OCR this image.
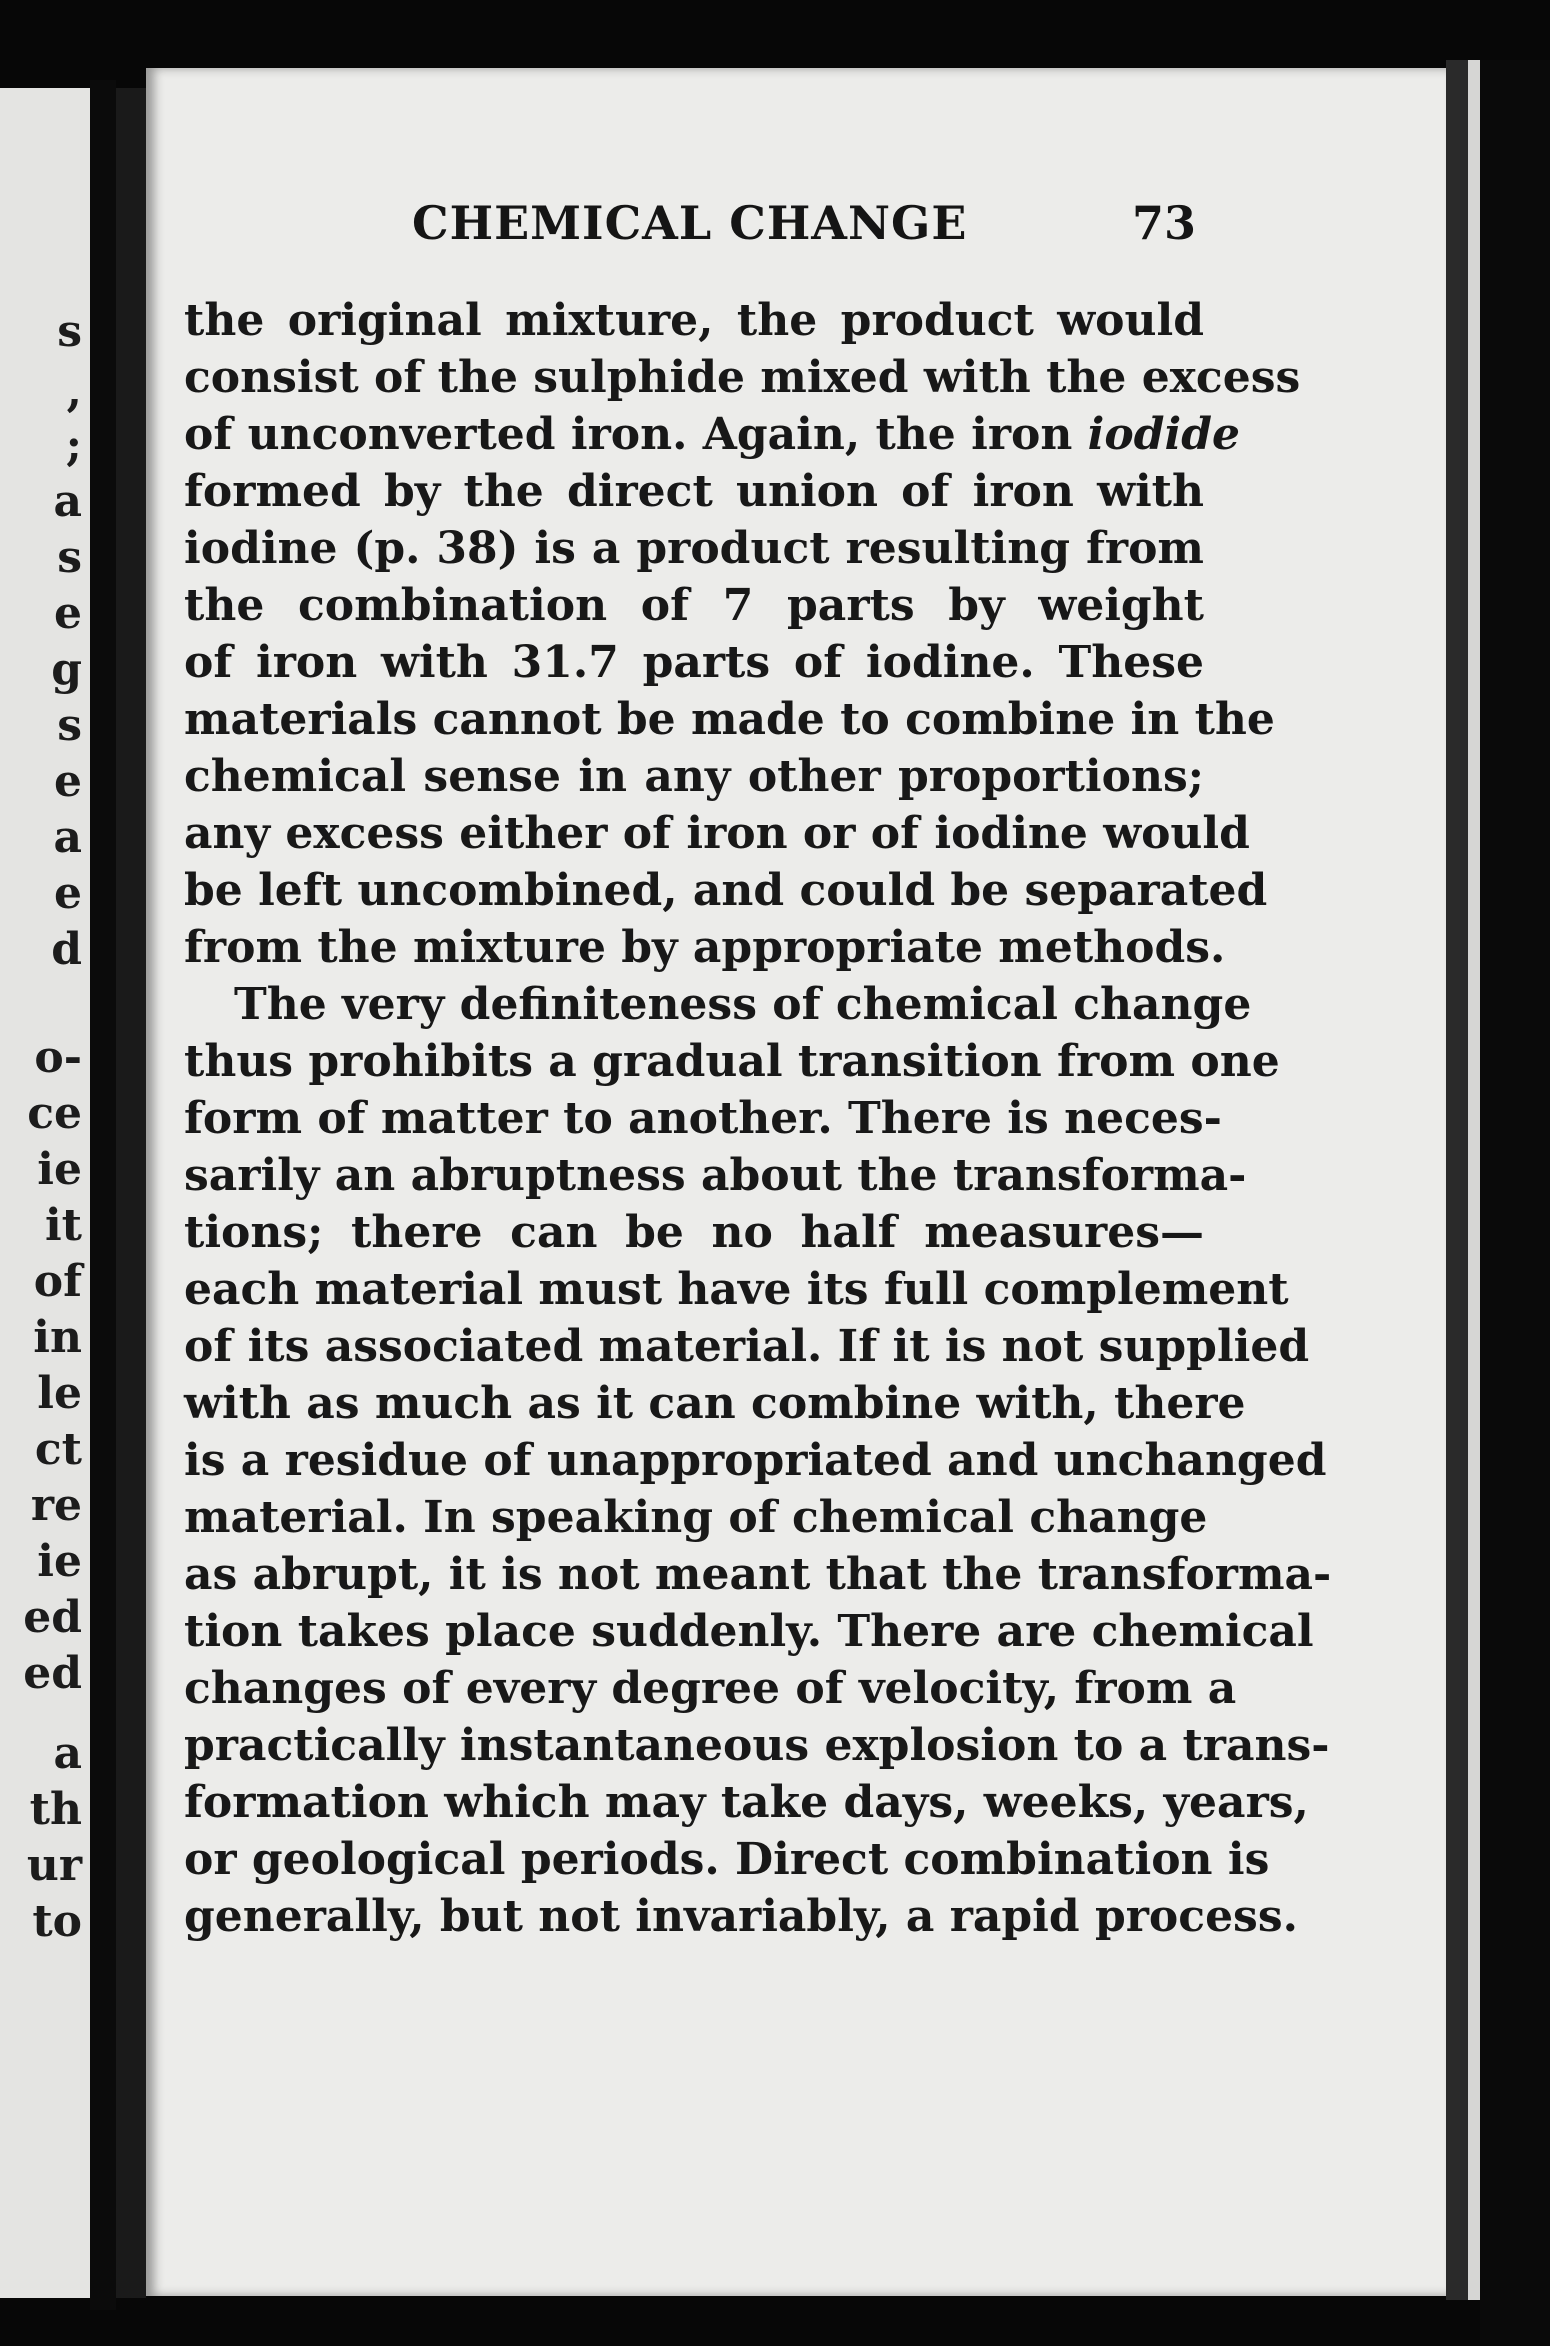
s
,
;
a
s
e
g
s
e
a
e
d
o-
ce
ie
it
of
in
le
ct
re
ie
ed
ed
a
th
ur
to
CHEMICAL CHANGE	73
the original mixture, the product would
consist of the sulphide mixed with the excess
of unconverted iron. Again, the iron iodide
formed by the direct union of iron with
iodine (p. 38) is a product resulting from
the combination of 7 parts by weight
of iron with 31.7 parts of iodine. These
materials cannot be made to combine in the
chemical sense in any other proportions;
any excess either of iron or of iodine would
be left uncombined, and could be separated
from the mixture by appropriate methods.
The very definiteness of chemical change
thus prohibits a gradual transition from one
form of matter to another. There is neces-
sarily an abruptness about the transforma-
tions; there can be no half measures—
each material must have its full complement
of its associated material. If it is not supplied
with as much as it can combine with, there
is a residue of unappropriated and unchanged
material. In speaking of chemical change
as abrupt, it is not meant that the transforma-
tion takes place suddenly. There are chemical
changes of every degree of velocity, from a
practically instantaneous explosion to a trans-
formation which may take days, weeks, years,
or geological periods. Direct combination is
generally, but not invariably, a rapid process.
